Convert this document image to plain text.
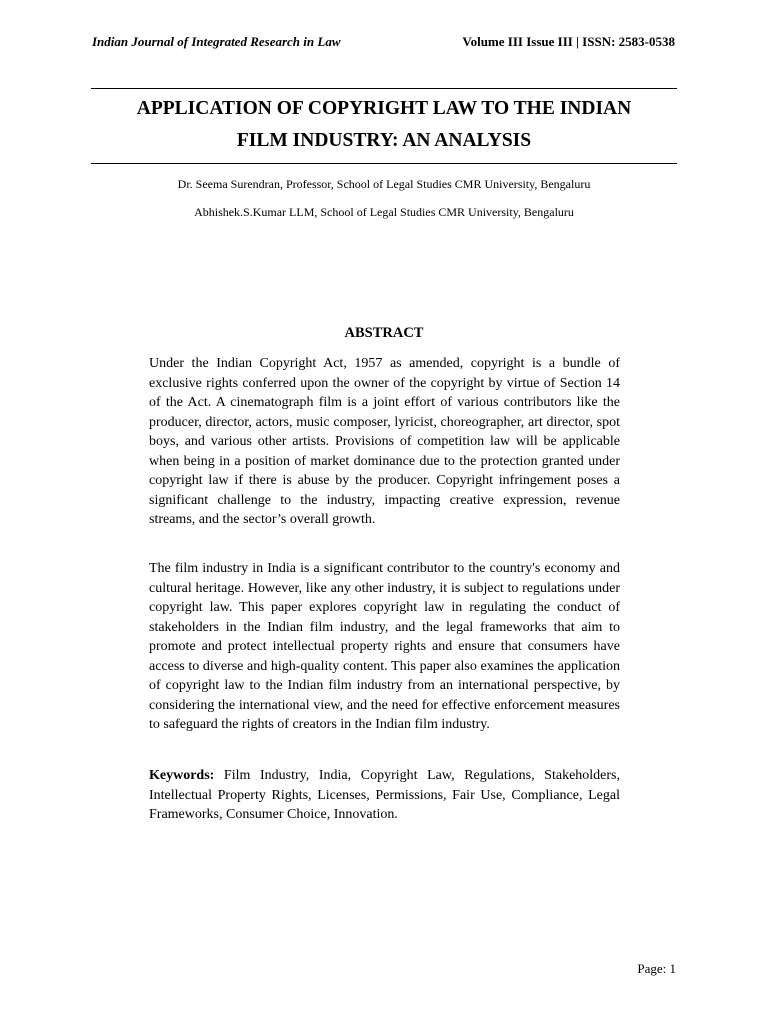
Indian Journal of Integrated Research in Law	Volume III Issue III | ISSN: 2583-0538
APPLICATION OF COPYRIGHT LAW TO THE INDIAN
FILM INDUSTRY: AN ANALYSIS
Dr. Seema Surendran, Professor, School of Legal Studies CMR University, Bengaluru
Abhishek.S.Kumar LLM, School of Legal Studies CMR University, Bengaluru
ABSTRACT

Under the Indian Copyright Act, 1957 as amended, copyright is a bundle of exclusive rights conferred upon the owner of the copyright by virtue of Section 14 of the Act. A cinematograph film is a joint effort of various contributors like the producer, director, actors, music composer, lyricist, choreographer, art director, spot boys, and various other artists. Provisions of competition law will be applicable when being in a position of market dominance due to the protection granted under copyright law if there is abuse by the producer. Copyright infringement poses a significant challenge to the industry, impacting creative expression, revenue streams, and the sector’s overall growth.

The film industry in India is a significant contributor to the country's economy and cultural heritage. However, like any other industry, it is subject to regulations under copyright law. This paper explores copyright law in regulating the conduct of stakeholders in the Indian film industry, and the legal frameworks that aim to promote and protect intellectual property rights and ensure that consumers have access to diverse and high-quality content. This paper also examines the application of copyright law to the Indian film industry from an international perspective, by considering the international view, and the need for effective enforcement measures to safeguard the rights of creators in the Indian film industry.

Keywords: Film Industry, India, Copyright Law, Regulations, Stakeholders, Intellectual Property Rights, Licenses, Permissions, Fair Use, Compliance, Legal Frameworks, Consumer Choice, Innovation.

Page: 1
